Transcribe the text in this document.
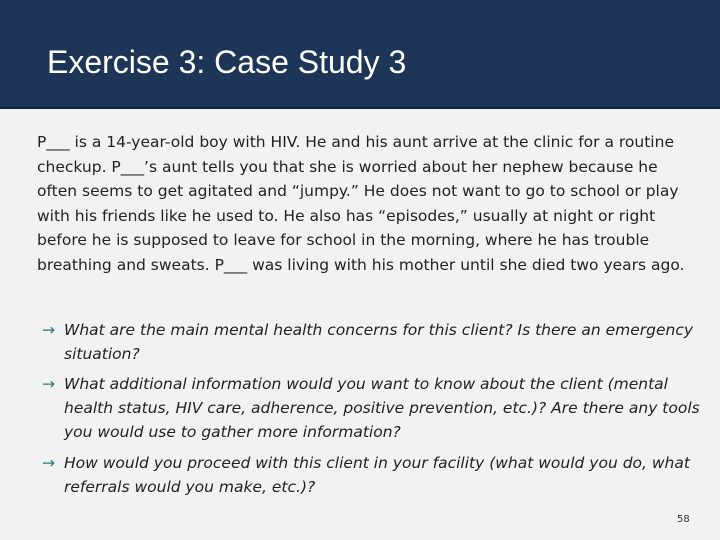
Exercise 3: Case Study 3

P___ is a 14-year-old boy with HIV. He and his aunt arrive at the clinic for a routine checkup. P___’s aunt tells you that she is worried about her nephew because he often seems to get agitated and “jumpy.” He does not want to go to school or play with his friends like he used to. He also has “episodes,” usually at night or right before he is supposed to leave for school in the morning, where he has trouble breathing and sweats. P___ was living with his mother until she died two years ago.

→ What are the main mental health concerns for this client? Is there an emergency situation?

→ What additional information would you want to know about the client (mental health status, HIV care, adherence, positive prevention, etc.)? Are there any tools you would use to gather more information?

→ How would you proceed with this client in your facility (what would you do, what referrals would you make, etc.)?

58
